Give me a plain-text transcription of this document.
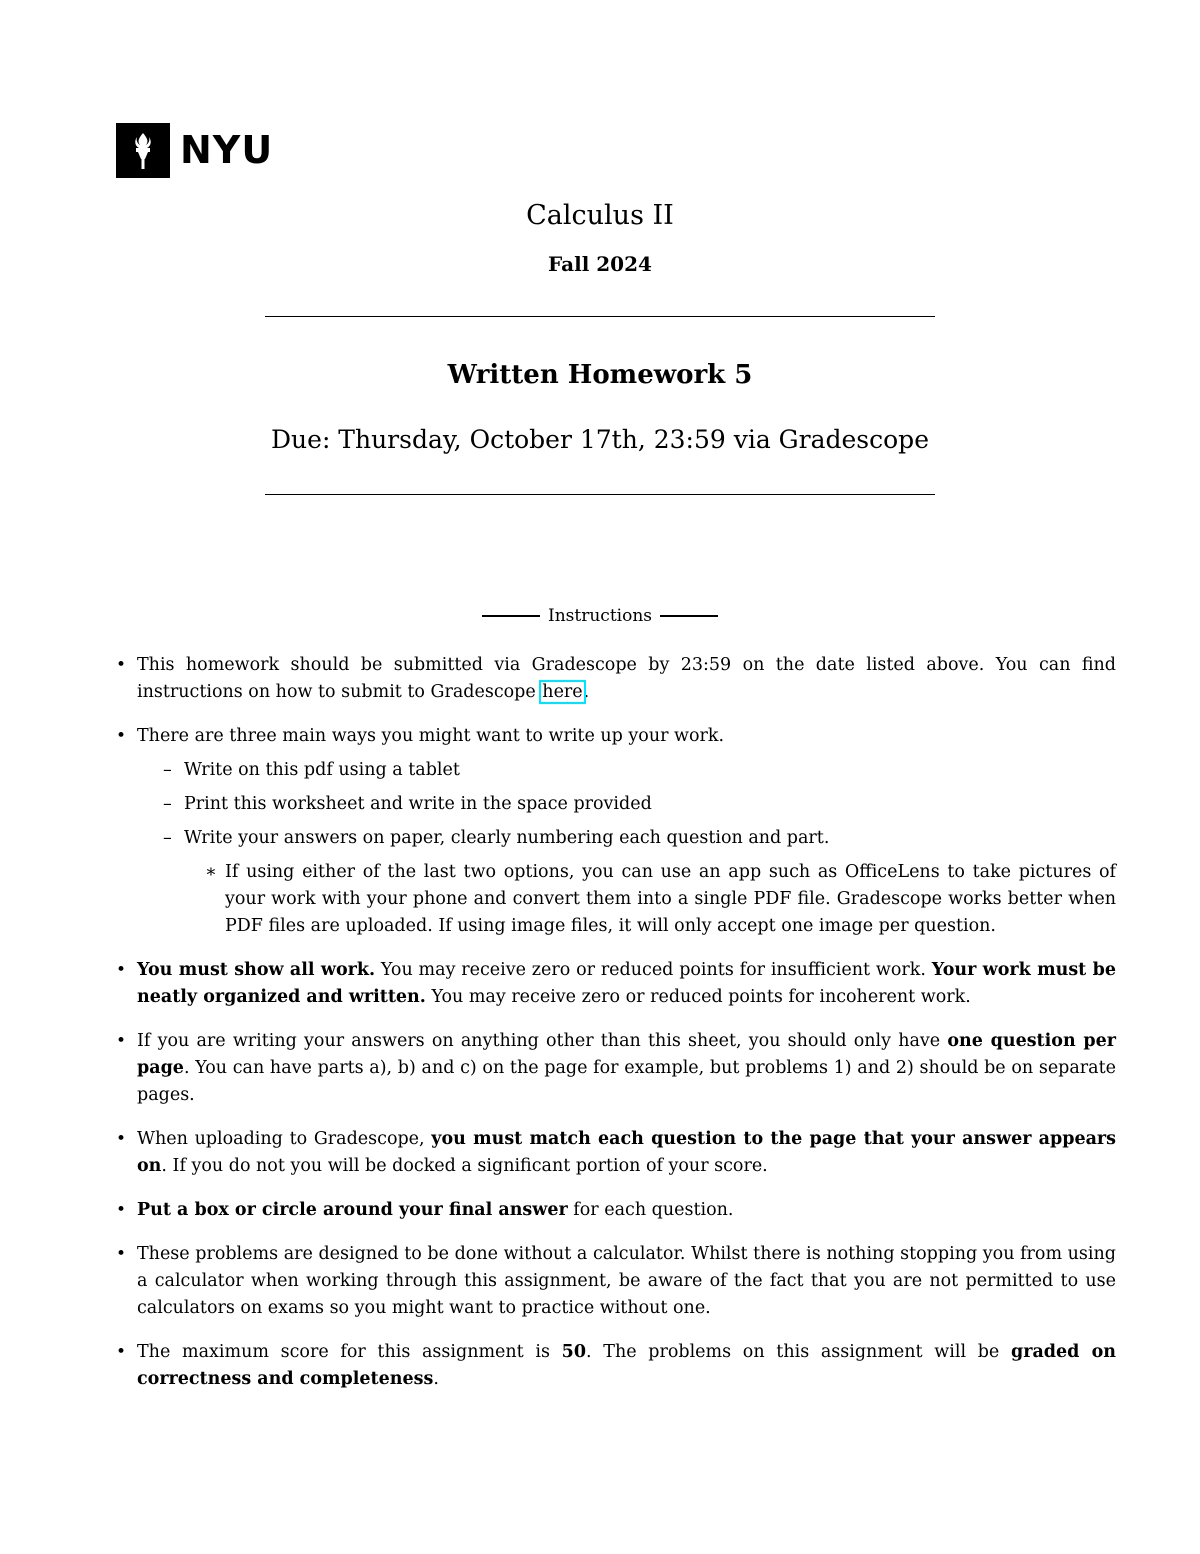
NYU
Calculus II
Fall 2024
Written Homework 5
Due: Thursday, October 17th, 23:59 via Gradescope
Instructions
• This homework should be submitted via Gradescope by 23:59 on the date listed above. You can find instructions on how to submit to Gradescope here.
• There are three main ways you might want to write up your work.
– Write on this pdf using a tablet
– Print this worksheet and write in the space provided
– Write your answers on paper, clearly numbering each question and part.
∗ If using either of the last two options, you can use an app such as OfficeLens to take pictures of your work with your phone and convert them into a single PDF file. Gradescope works better when PDF files are uploaded. If using image files, it will only accept one image per question.
• You must show all work. You may receive zero or reduced points for insufficient work. Your work must be neatly organized and written. You may receive zero or reduced points for incoherent work.
• If you are writing your answers on anything other than this sheet, you should only have one question per page. You can have parts a), b) and c) on the page for example, but problems 1) and 2) should be on separate pages.
• When uploading to Gradescope, you must match each question to the page that your answer appears on. If you do not you will be docked a significant portion of your score.
• Put a box or circle around your final answer for each question.
• These problems are designed to be done without a calculator. Whilst there is nothing stopping you from using a calculator when working through this assignment, be aware of the fact that you are not permitted to use calculators on exams so you might want to practice without one.
• The maximum score for this assignment is 50. The problems on this assignment will be graded on correctness and completeness.
